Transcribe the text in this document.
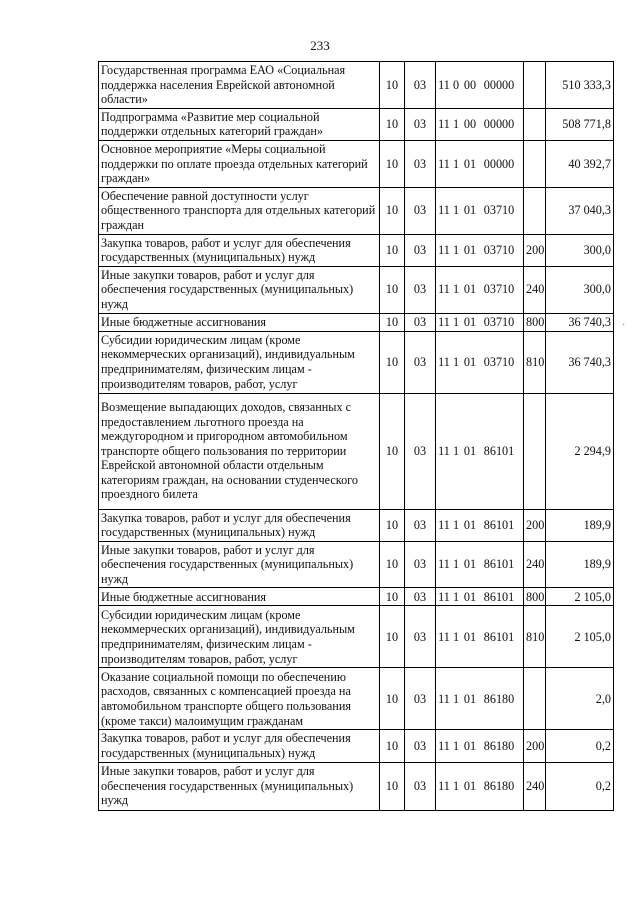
233
Государственная программа ЕАО «Социальная поддержка населения Еврейской автономной области»	10	03	11 0 00 00000		510 333,3
Подпрограмма «Развитие мер социальной поддержки отдельных категорий граждан»	10	03	11 1 00 00000		508 771,8
Основное мероприятие «Меры социальной поддержки по оплате проезда отдельных категорий граждан»	10	03	11 1 01 00000		40 392,7
Обеспечение равной доступности услуг общественного транспорта для отдельных категорий граждан	10	03	11 1 01 03710		37 040,3
Закупка товаров, работ и услуг для обеспечения государственных (муниципальных) нужд	10	03	11 1 01 03710	200	300,0
Иные закупки товаров, работ и услуг для обеспечения государственных (муниципальных) нужд	10	03	11 1 01 03710	240	300,0
Иные бюджетные ассигнования	10	03	11 1 01 03710	800	36 740,3
Субсидии юридическим лицам (кроме некоммерческих организаций), индивидуальным предпринимателям, физическим лицам - производителям товаров, работ, услуг	10	03	11 1 01 03710	810	36 740,3
Возмещение выпадающих доходов, связанных с предоставлением льготного проезда на междугородном и пригородном автомобильном транспорте общего пользования по территории Еврейской автономной области отдельным категориям граждан, на основании студенческого проездного билета	10	03	11 1 01 86101		2 294,9
Закупка товаров, работ и услуг для обеспечения государственных (муниципальных) нужд	10	03	11 1 01 86101	200	189,9
Иные закупки товаров, работ и услуг для обеспечения государственных (муниципальных) нужд	10	03	11 1 01 86101	240	189,9
Иные бюджетные ассигнования	10	03	11 1 01 86101	800	2 105,0
Субсидии юридическим лицам (кроме некоммерческих организаций), индивидуальным предпринимателям, физическим лицам - производителям товаров, работ, услуг	10	03	11 1 01 86101	810	2 105,0
Оказание социальной помощи по обеспечению расходов, связанных с компенсацией проезда на автомобильном транспорте общего пользования (кроме такси) малоимущим гражданам	10	03	11 1 01 86180		2,0
Закупка товаров, работ и услуг для обеспечения государственных (муниципальных) нужд	10	03	11 1 01 86180	200	0,2
Иные закупки товаров, работ и услуг для обеспечения государственных (муниципальных) нужд	10	03	11 1 01 86180	240	0,2
·
